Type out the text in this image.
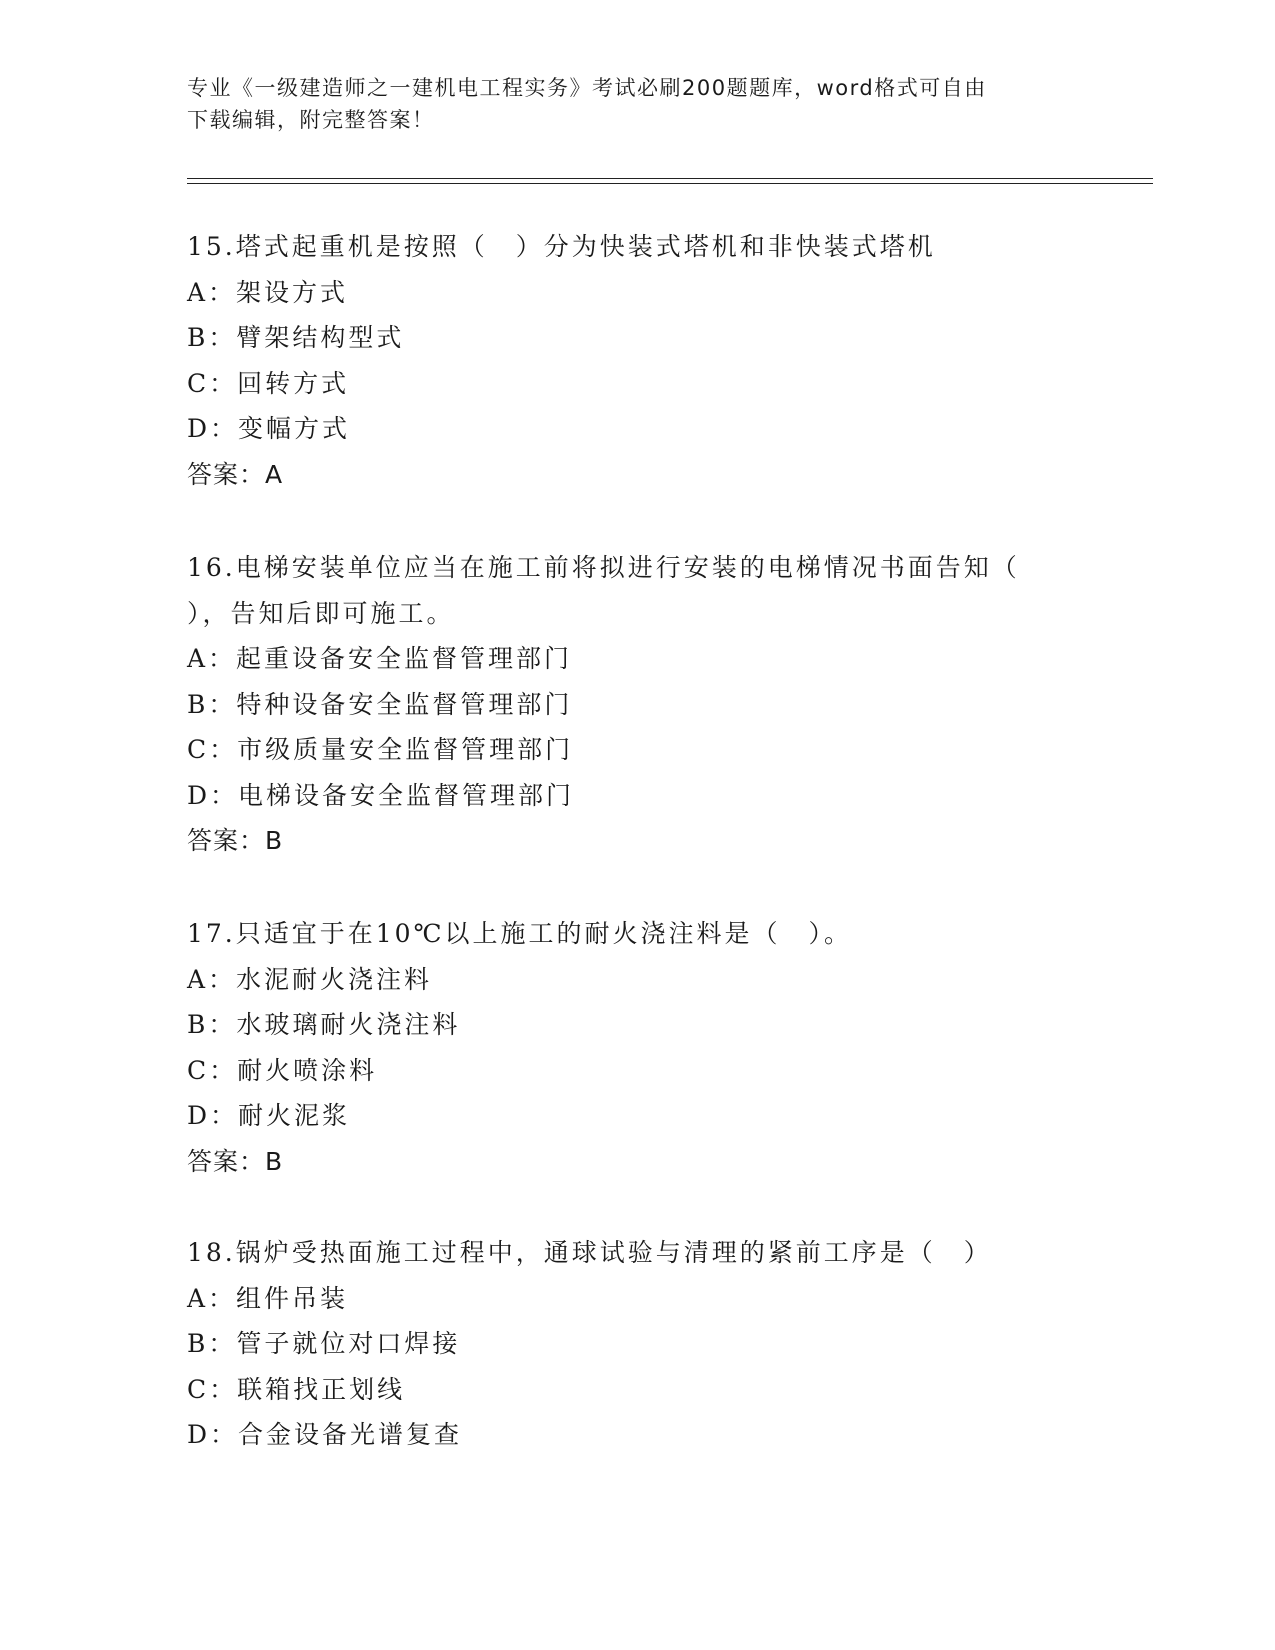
专业《一级建造师之一建机电工程实务》考试必刷200题题库，word格式可自由
下载编辑，附完整答案！
15.塔式起重机是按照（　）分为快装式塔机和非快装式塔机
A：架设方式
B：臂架结构型式
C：回转方式
D：变幅方式
答案：A
16.电梯安装单位应当在施工前将拟进行安装的电梯情况书面告知（
），告知后即可施工。
A：起重设备安全监督管理部门
B：特种设备安全监督管理部门
C：市级质量安全监督管理部门
D：电梯设备安全监督管理部门
答案：B
17.只适宜于在10℃以上施工的耐火浇注料是（　）。
A：水泥耐火浇注料
B：水玻璃耐火浇注料
C：耐火喷涂料
D：耐火泥浆
答案：B
18.锅炉受热面施工过程中，通球试验与清理的紧前工序是（　）
A：组件吊装
B：管子就位对口焊接
C：联箱找正划线
D：合金设备光谱复查
